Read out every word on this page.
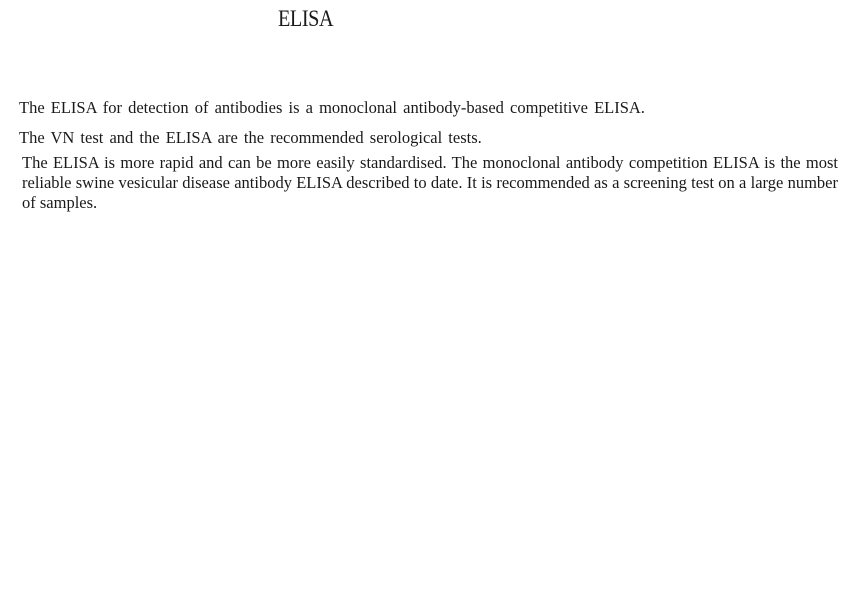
ELISA
The ELISA for detection of antibodies is a monoclonal antibody-based competitive ELISA.
The VN test and the ELISA are the recommended serological tests.
The ELISA is more rapid and can be more easily standardised. The monoclonal antibody competition ELISA is the most reliable swine vesicular disease antibody ELISA described to date. It is recommended as a screening test on a large number of samples.
